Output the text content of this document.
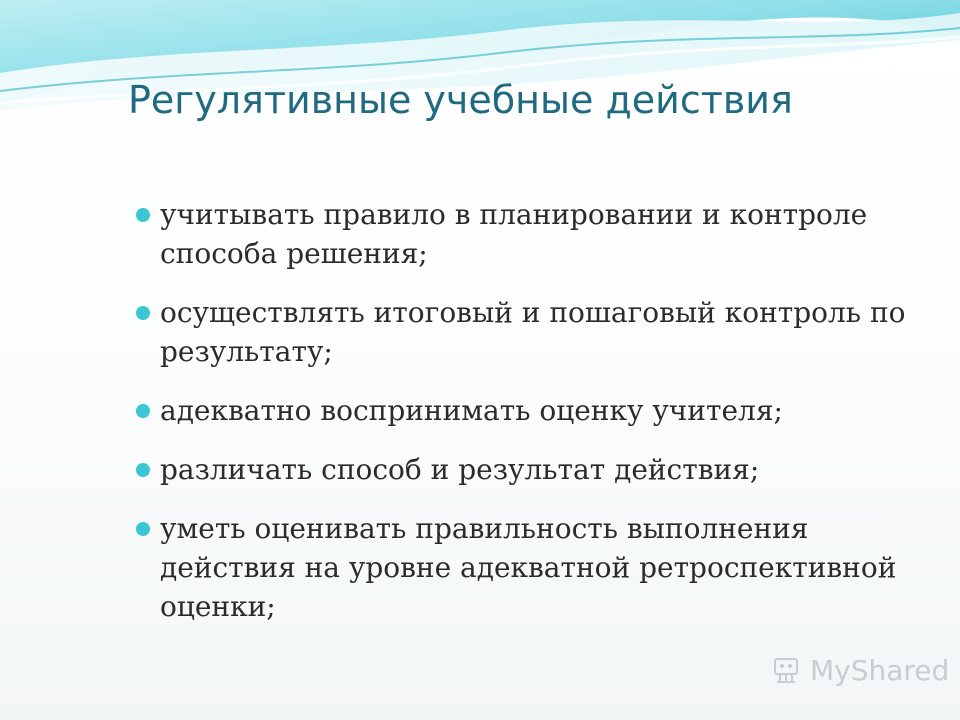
Регулятивные учебные действия
учитывать правило в планировании и контроле способа решения;
осуществлять итоговый и пошаговый контроль по результату;
адекватно воспринимать оценку учителя;
различать способ и результат действия;
уметь оценивать правильность выполнения действия на уровне адекватной ретроспективной оценки;
MyShared
